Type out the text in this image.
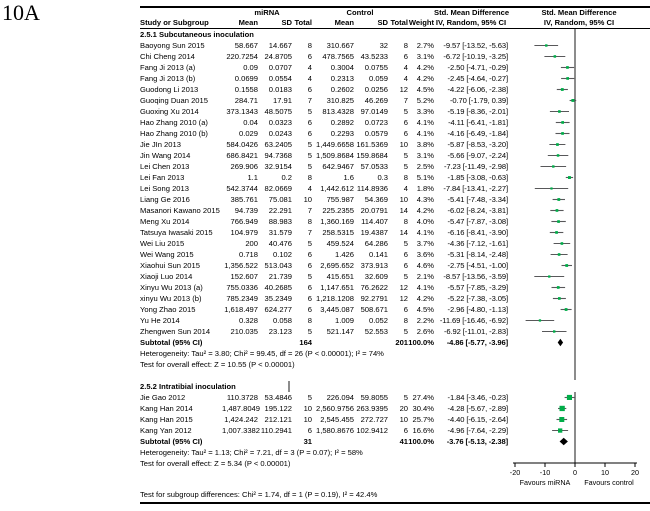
10A
		miRNA			Control				Std. Mean Difference	Std. Mean Difference
Study or Subgroup	Mean	SD	Total	Mean	SD	Total	Weight	IV, Random, 95% CI	IV, Random, 95% CI
2.5.1 Subcutaneous inoculation	

Baoyong Sun 2015	58.667	14.667	8	310.667	32	8	2.7%	-9.57 [-13.52, -5.63]	

Chi Cheng 2014	220.7254	24.8705	6	478.7565	43.5233	6	3.1%	-6.72 [-10.19, -3.25]	

Fang Ji 2013 (a)	0.09	0.0707	4	0.3004	0.0755	4	4.2%	-2.50 [-4.71, -0.29]	

Fang Ji 2013 (b)	0.0699	0.0554	4	0.2313	0.059	4	4.2%	-2.45 [-4.64, -0.27]	

Guodong Li 2013	0.1558	0.0183	6	0.2602	0.0256	12	4.5%	-4.22 [-6.06, -2.38]	

Guoqing Duan 2015	284.71	17.91	7	310.825	46.269	7	5.2%	-0.70 [-1.79, 0.39]	

Guoxing Xu 2014	373.1343	48.5075	5	813.4328	97.0149	5	3.3%	-5.19 [-8.36, -2.01]	

Hao Zhang 2010 (a)	0.04	0.0323	6	0.2892	0.0723	6	4.1%	-4.11 [-6.41, -1.81]	

Hao Zhang 2010 (b)	0.029	0.0243	6	0.2293	0.0579	6	4.1%	-4.16 [-6.49, -1.84]	

Jie JIn 2013	584.0426	63.2405	5	1,449.6658	161.5369	10	3.8%	-5.87 [-8.53, -3.20]	

Jin Wang 2014	686.8421	94.7368	5	1,509.8684	159.8684	5	3.1%	-5.66 [-9.07, -2.24]	

Lei Chen 2013	269.906	32.9154	5	642.9467	57.0533	5	2.5%	-7.23 [-11.49, -2.98]	

Lei Fan 2013	1.1	0.2	8	1.6	0.3	8	5.1%	-1.85 [-3.08, -0.63]	

Lei Song 2013	542.3744	82.0669	4	1,442.612	114.8936	4	1.8%	-7.84 [-13.41, -2.27]	

Liang Ge 2016	385.761	75.081	10	755.987	54.369	10	4.3%	-5.41 [-7.48, -3.34]	

Masanori Kawano 2015	94.739	22.291	7	225.2355	20.0791	14	4.2%	-6.02 [-8.24, -3.81]	

Meng Xu 2014	766.949	88.983	8	1,360.169	114.407	8	4.0%	-5.47 [-7.87, -3.08]	

Tatsuya Iwasaki 2015	104.979	31.579	7	258.5315	19.4387	14	4.1%	-6.16 [-8.41, -3.90]	

Wei Liu 2015	200	40.476	5	459.524	64.286	5	3.7%	-4.36 [-7.12, -1.61]	

Wei Wang 2015	0.718	0.102	6	1.426	0.141	6	3.6%	-5.31 [-8.14, -2.48]	

Xiaohui Sun 2015	1,356.522	513.043	6	2,695.652	373.913	6	4.6%	-2.75 [-4.51, -1.00]	

Xiaoji Luo 2014	152.607	21.739	5	415.651	32.609	5	2.1%	-8.57 [-13.56, -3.59]	

Xinyu Wu 2013 (a)	755.0336	40.2685	6	1,147.651	76.2622	12	4.1%	-5.57 [-7.85, -3.29]	

xinyu Wu 2013 (b)	785.2349	35.2349	6	1,218.1208	92.2791	12	4.2%	-5.22 [-7.38, -3.05]	

Yong Zhao 2015	1,618.497	624.277	6	3,445.087	508.671	6	4.5%	-2.96 [-4.80, -1.13]	

Yu He 2014	0.328	0.058	8	1.009	0.052	8	2.2%	-11.69 [-16.46, -6.92]	

Zhengwen Sun 2014	210.035	23.123	5	521.147	52.553	5	2.6%	-6.92 [-11.01, -2.83]	

Subtotal (95% CI)			164			201	100.0%	-4.86 [-5.77, -3.96]	

Heterogeneity: Tau² = 3.80; Chi² = 99.45, df = 26 (P < 0.00001); I² = 74%	

Test for overall effect: Z = 10.55 (P < 0.00001)	

2.5.2 Intratibial inoculation	

Jie Gao 2012	110.3728	53.4846	5	226.094	59.8055	5	27.4%	-1.84 [-3.46, -0.23]	

Kang Han 2014	1,487.8049	195.122	10	2,560.9756	263.9395	20	30.4%	-4.28 [-5.67, -2.89]	

Kang Han 2015	1,424.242	212.121	10	2,545.455	272.727	10	25.7%	-4.40 [-6.15, -2.64]	

Kang Yan 2012	1,007.3382	110.2941	6	1,580.8676	102.9412	6	16.6%	-4.96 [-7.64, -2.29]	

Subtotal (95% CI)			31			41	100.0%	-3.76 [-5.13, -2.38]	

Heterogeneity: Tau² = 1.13; Chi² = 7.21, df = 3 (P = 0.07); I² = 58%	

Test for overall effect: Z = 5.34 (P < 0.00001)	
-20	-10	0	10	20
Favours miRNA Favours control

Test for subgroup differences: Chi² = 1.74, df = 1 (P = 0.19), I² = 42.4%									
